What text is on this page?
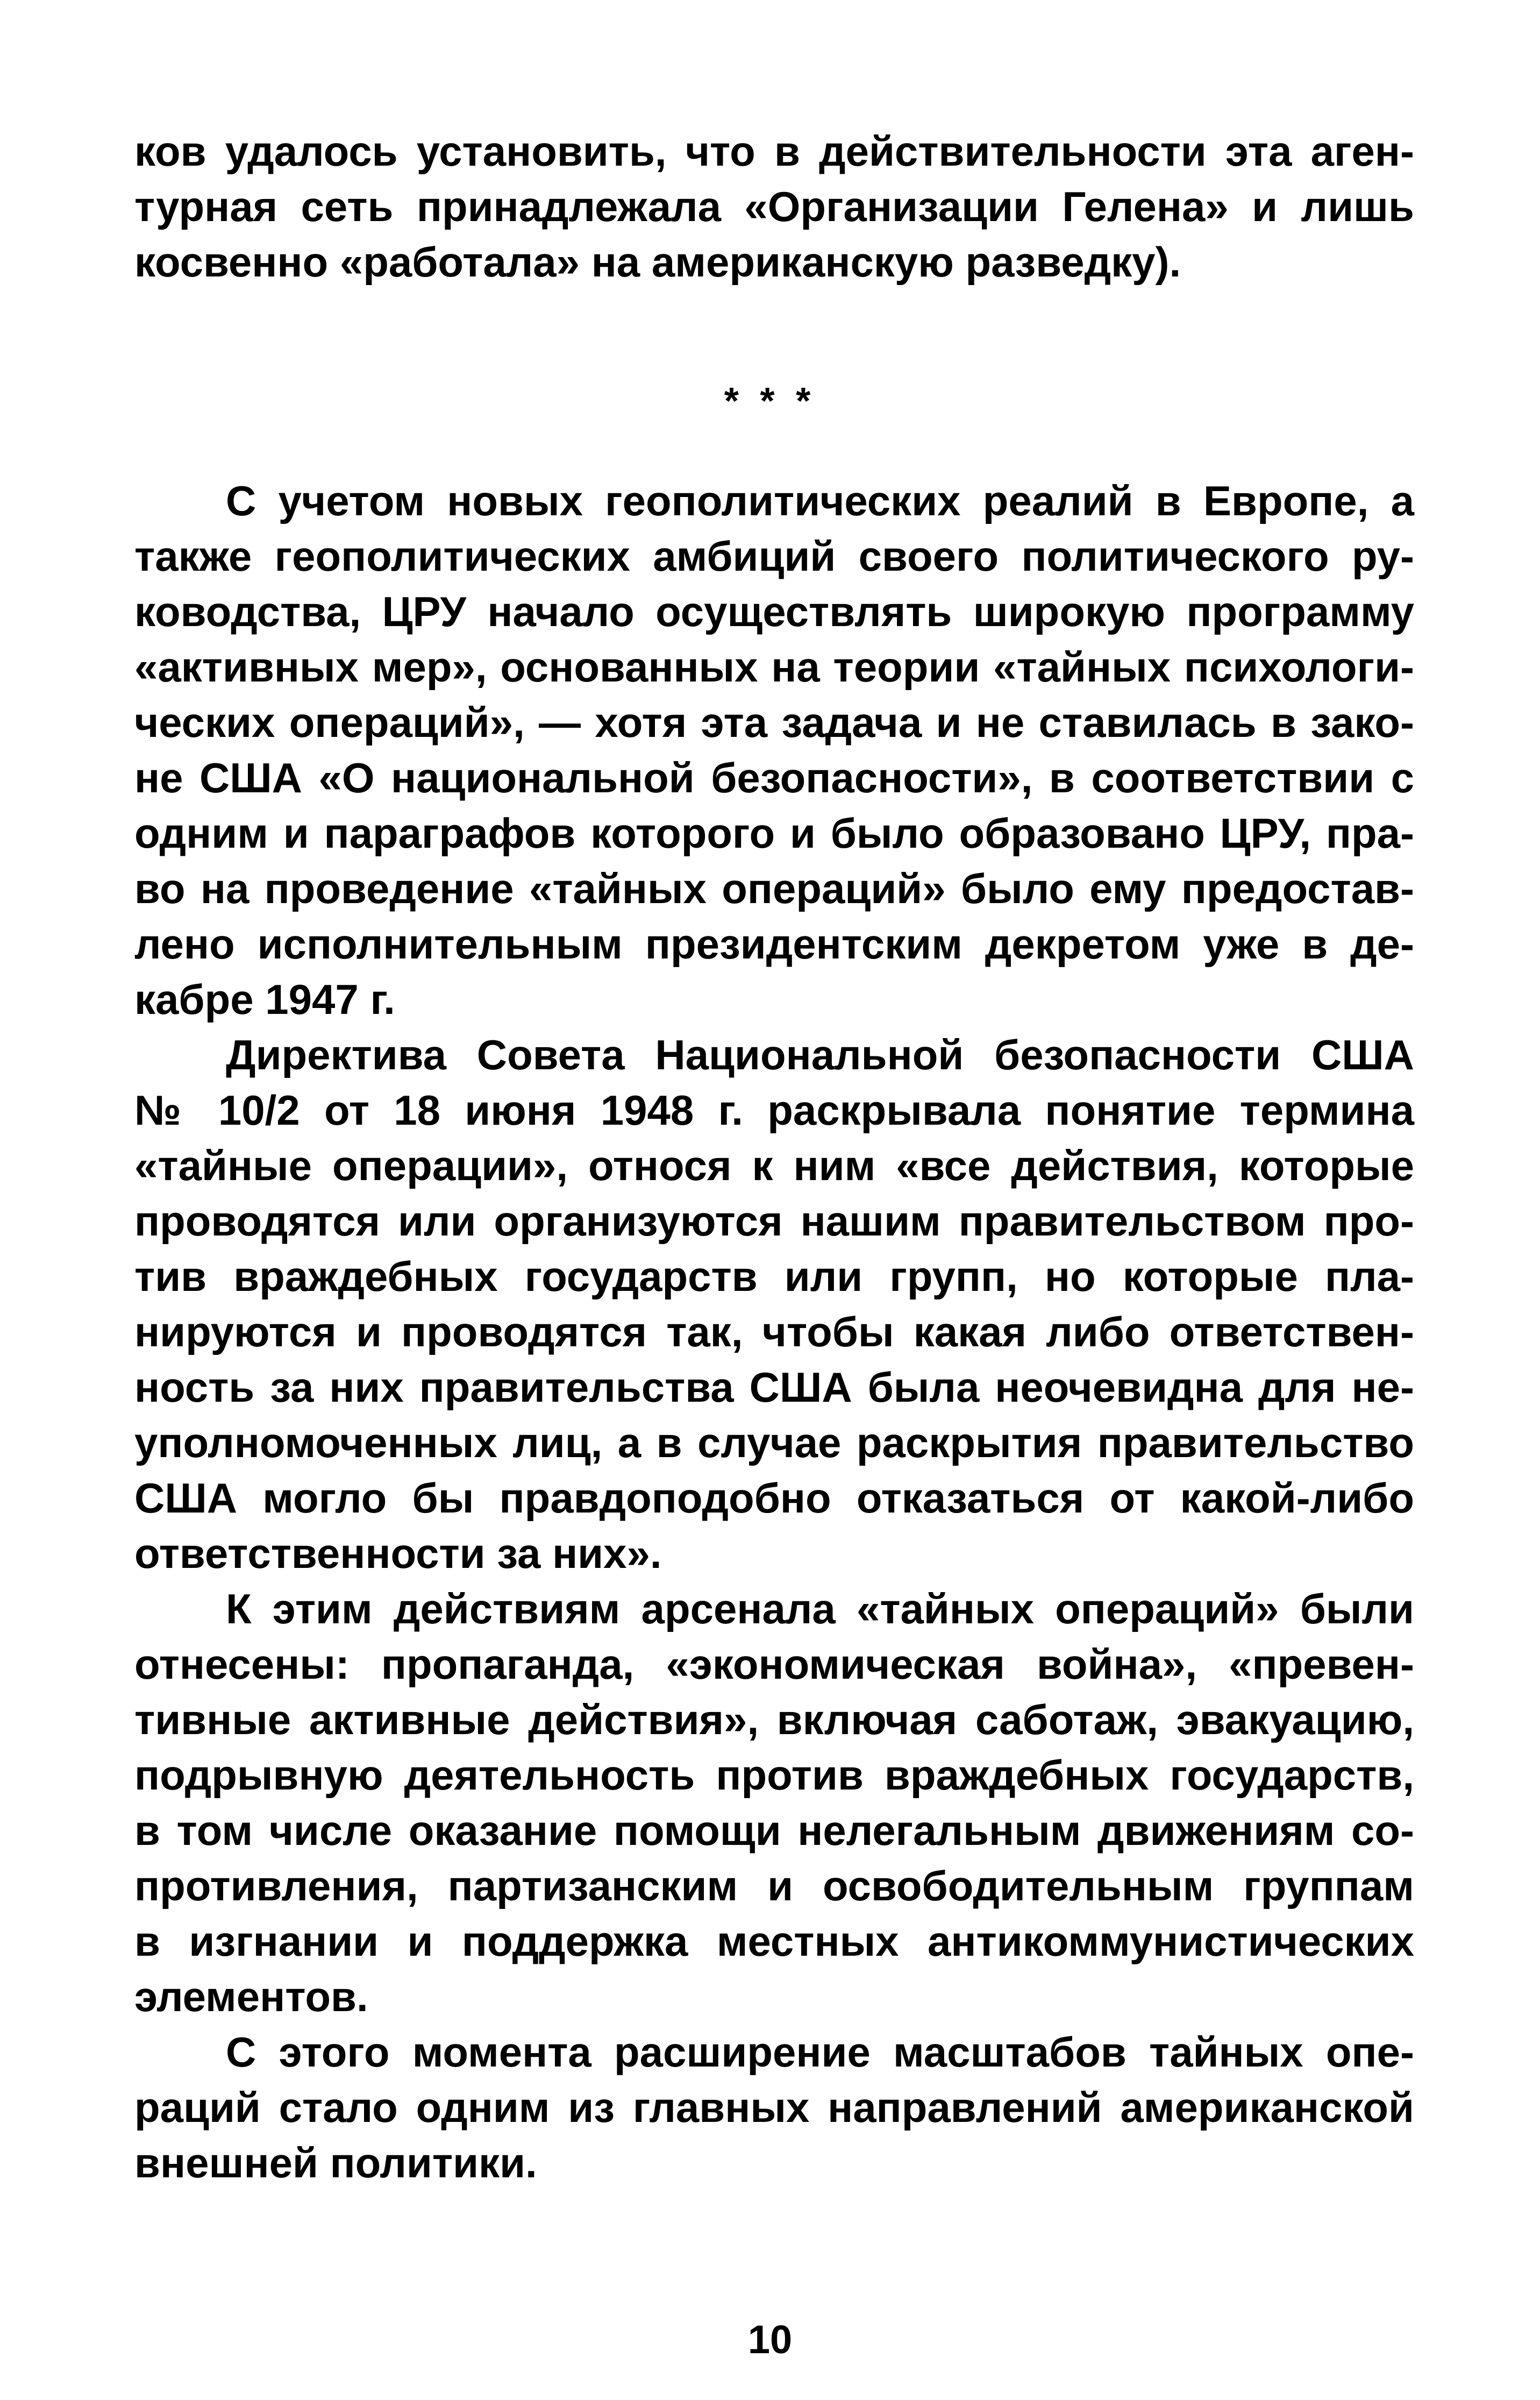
ков удалось установить, что в действительности эта аген-
турная сеть принадлежала «Организации Гелена» и лишь
косвенно «работала» на американскую разведку).
* * *
С учетом новых геополитических реалий в Европе, а
также геополитических амбиций своего политического ру-
ководства, ЦРУ начало осуществлять широкую программу
«активных мер», основанных на теории «тайных психологи-
ческих операций», — хотя эта задача и не ставилась в зако-
не США «О национальной безопасности», в соответствии с
одним и параграфов которого и было образовано ЦРУ, пра-
во на проведение «тайных операций» было ему предостав-
лено исполнительным президентским декретом уже в де-
кабре 1947 г.
Директива Совета Национальной безопасности США
№ 10/2 от 18 июня 1948 г. раскрывала понятие термина
«тайные операции», относя к ним «все действия, которые
проводятся или организуются нашим правительством про-
тив враждебных государств или групп, но которые пла-
нируются и проводятся так, чтобы какая либо ответствен-
ность за них правительства США была неочевидна для не-
уполномоченных лиц, а в случае раскрытия правительство
США могло бы правдоподобно отказаться от какой-либо
ответственности за них».
К этим действиям арсенала «тайных операций» были
отнесены: пропаганда, «экономическая война», «превен-
тивные активные действия», включая саботаж, эвакуацию,
подрывную деятельность против враждебных государств,
в том числе оказание помощи нелегальным движениям со-
противления, партизанским и освободительным группам
в изгнании и поддержка местных антикоммунистических
элементов.
С этого момента расширение масштабов тайных опе-
раций стало одним из главных направлений американской
внешней политики.
10
